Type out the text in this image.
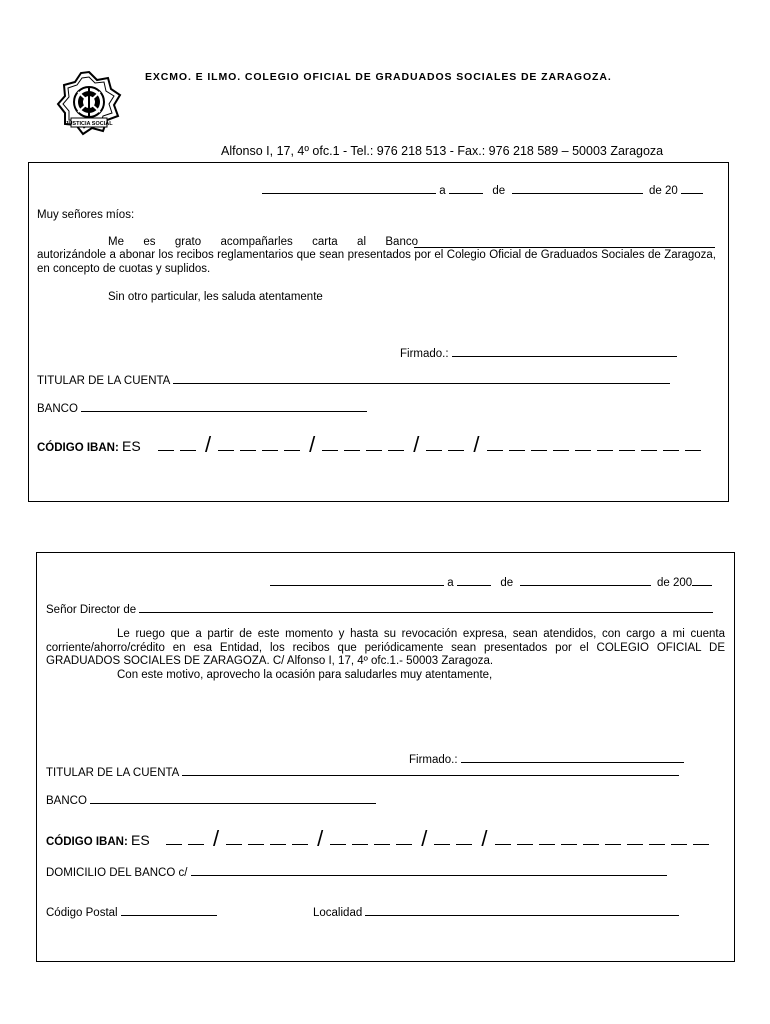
JUSTICIA SOCIAL
EXCMO. E ILMO. COLEGIO OFICIAL DE GRADUADOS SOCIALES DE ZARAGOZA.
Alfonso I, 17, 4º ofc.1 - Tel.: 976 218 513 - Fax.: 976 218 589 – 50003 Zaragoza
a	de	de 20
Muy señores míos:
Me es grato acompañarles carta al Banco
autorizándole a abonar los recibos reglamentarios que sean presentados por el Colegio Oficial de Graduados Sociales de Zaragoza, en concepto de cuotas y suplidos.
Sin otro particular, les saluda atentamente
Firmado.:
TITULAR DE LA CUENTA
BANCO
CÓDIGO IBAN: ES	/	/	/ /
a	de	de 200
Señor Director de
Le ruego que a partir de este momento y hasta su revocación expresa, sean atendidos, con cargo a mi cuenta corriente/ahorro/crédito en esa Entidad, los recibos que periódicamente sean presentados por el COLEGIO OFICIAL DE GRADUADOS SOCIALES DE ZARAGOZA. C/ Alfonso I, 17, 4º ofc.1.- 50003 Zaragoza.
Con este motivo, aprovecho la ocasión para saludarles muy atentamente,
Firmado.:
TITULAR DE LA CUENTA
BANCO
CÓDIGO IBAN: ES	/	/	/ /
DOMICILIO DEL BANCO c/
Código Postal	Localidad
